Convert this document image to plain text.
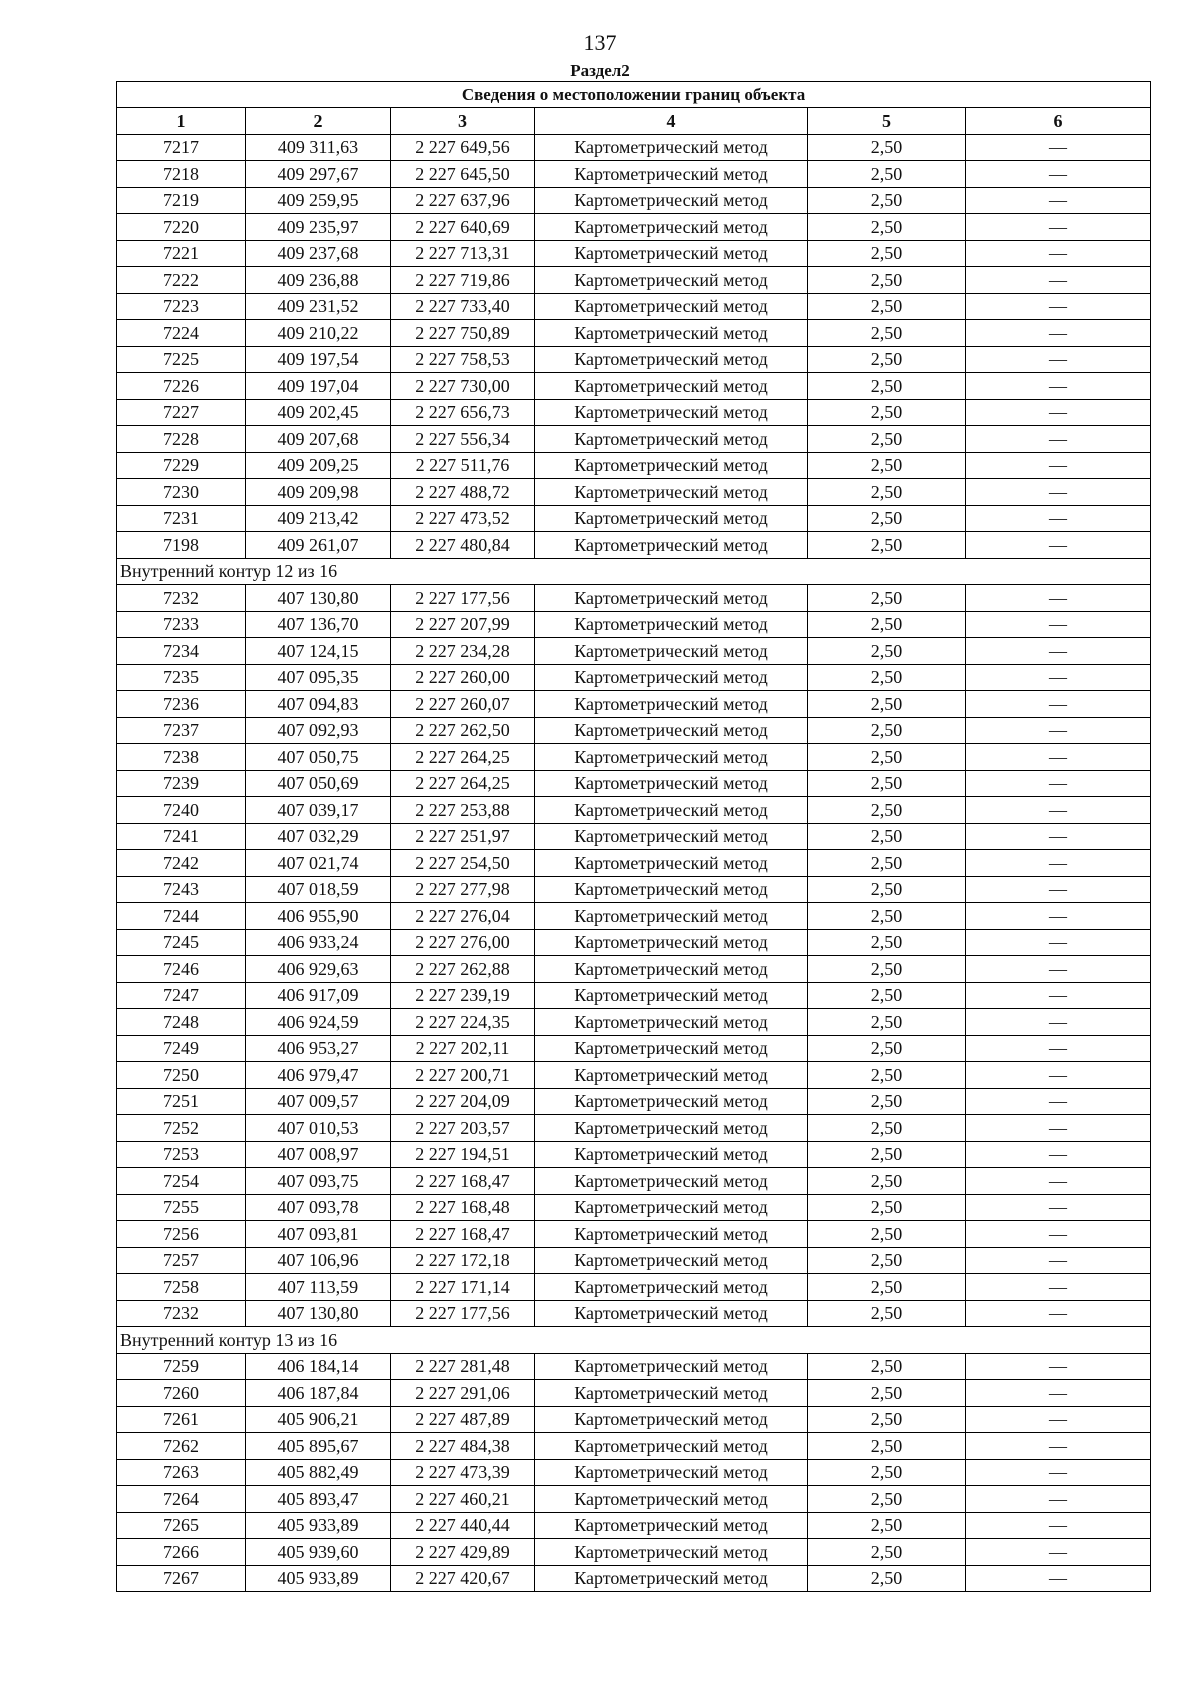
137
Раздел2
Сведения о местоположении границ объекта					
1	2	3	4	5	6
7217	409 311,63	2 227 649,56	Картометрический метод	2,50	—
7218	409 297,67	2 227 645,50	Картометрический метод	2,50	—
7219	409 259,95	2 227 637,96	Картометрический метод	2,50	—
7220	409 235,97	2 227 640,69	Картометрический метод	2,50	—
7221	409 237,68	2 227 713,31	Картометрический метод	2,50	—
7222	409 236,88	2 227 719,86	Картометрический метод	2,50	—
7223	409 231,52	2 227 733,40	Картометрический метод	2,50	—
7224	409 210,22	2 227 750,89	Картометрический метод	2,50	—
7225	409 197,54	2 227 758,53	Картометрический метод	2,50	—
7226	409 197,04	2 227 730,00	Картометрический метод	2,50	—
7227	409 202,45	2 227 656,73	Картометрический метод	2,50	—
7228	409 207,68	2 227 556,34	Картометрический метод	2,50	—
7229	409 209,25	2 227 511,76	Картометрический метод	2,50	—
7230	409 209,98	2 227 488,72	Картометрический метод	2,50	—
7231	409 213,42	2 227 473,52	Картометрический метод	2,50	—
7198	409 261,07	2 227 480,84	Картометрический метод	2,50	—
Внутренний контур 12 из 16					
7232	407 130,80	2 227 177,56	Картометрический метод	2,50	—
7233	407 136,70	2 227 207,99	Картометрический метод	2,50	—
7234	407 124,15	2 227 234,28	Картометрический метод	2,50	—
7235	407 095,35	2 227 260,00	Картометрический метод	2,50	—
7236	407 094,83	2 227 260,07	Картометрический метод	2,50	—
7237	407 092,93	2 227 262,50	Картометрический метод	2,50	—
7238	407 050,75	2 227 264,25	Картометрический метод	2,50	—
7239	407 050,69	2 227 264,25	Картометрический метод	2,50	—
7240	407 039,17	2 227 253,88	Картометрический метод	2,50	—
7241	407 032,29	2 227 251,97	Картометрический метод	2,50	—
7242	407 021,74	2 227 254,50	Картометрический метод	2,50	—
7243	407 018,59	2 227 277,98	Картометрический метод	2,50	—
7244	406 955,90	2 227 276,04	Картометрический метод	2,50	—
7245	406 933,24	2 227 276,00	Картометрический метод	2,50	—
7246	406 929,63	2 227 262,88	Картометрический метод	2,50	—
7247	406 917,09	2 227 239,19	Картометрический метод	2,50	—
7248	406 924,59	2 227 224,35	Картометрический метод	2,50	—
7249	406 953,27	2 227 202,11	Картометрический метод	2,50	—
7250	406 979,47	2 227 200,71	Картометрический метод	2,50	—
7251	407 009,57	2 227 204,09	Картометрический метод	2,50	—
7252	407 010,53	2 227 203,57	Картометрический метод	2,50	—
7253	407 008,97	2 227 194,51	Картометрический метод	2,50	—
7254	407 093,75	2 227 168,47	Картометрический метод	2,50	—
7255	407 093,78	2 227 168,48	Картометрический метод	2,50	—
7256	407 093,81	2 227 168,47	Картометрический метод	2,50	—
7257	407 106,96	2 227 172,18	Картометрический метод	2,50	—
7258	407 113,59	2 227 171,14	Картометрический метод	2,50	—
7232	407 130,80	2 227 177,56	Картометрический метод	2,50	—
Внутренний контур 13 из 16					
7259	406 184,14	2 227 281,48	Картометрический метод	2,50	—
7260	406 187,84	2 227 291,06	Картометрический метод	2,50	—
7261	405 906,21	2 227 487,89	Картометрический метод	2,50	—
7262	405 895,67	2 227 484,38	Картометрический метод	2,50	—
7263	405 882,49	2 227 473,39	Картометрический метод	2,50	—
7264	405 893,47	2 227 460,21	Картометрический метод	2,50	—
7265	405 933,89	2 227 440,44	Картометрический метод	2,50	—
7266	405 939,60	2 227 429,89	Картометрический метод	2,50	—
7267	405 933,89	2 227 420,67	Картометрический метод	2,50	—
